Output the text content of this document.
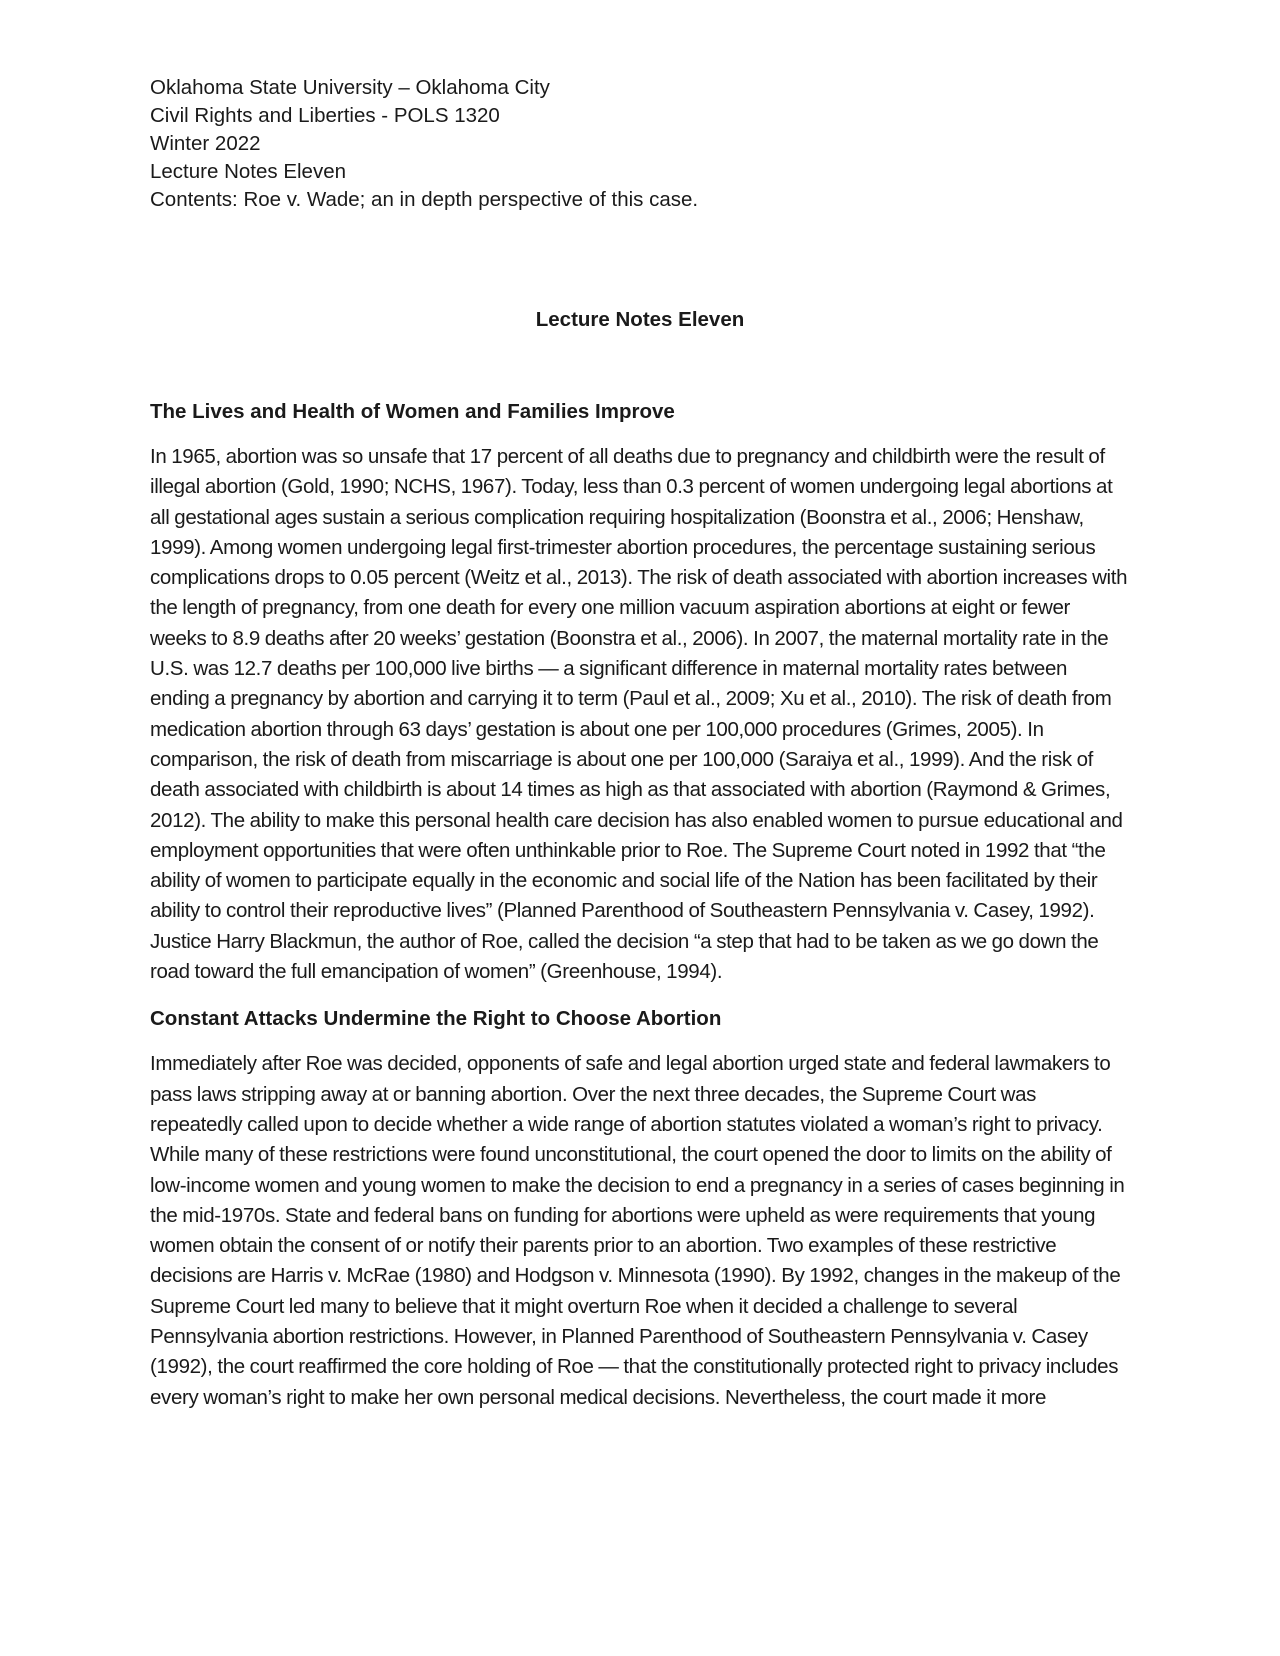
Oklahoma State University – Oklahoma City

Civil Rights and Liberties - POLS 1320

Winter 2022

Lecture Notes Eleven

Contents: Roe v. Wade; an in depth perspective of this case.

Lecture Notes Eleven
The Lives and Health of Women and Families Improve

In 1965, abortion was so unsafe that 17 percent of all deaths due to pregnancy and childbirth were the result of illegal abortion (Gold, 1990; NCHS, 1967). Today, less than 0.3 percent of women undergoing legal abortions at all gestational ages sustain a serious complication requiring hospitalization (Boonstra et al., 2006; Henshaw, 1999). Among women undergoing legal first-trimester abortion procedures, the percentage sustaining serious complications drops to 0.05 percent (Weitz et al., 2013). The risk of death associated with abortion increases with the length of pregnancy, from one death for every one million vacuum aspiration abortions at eight or fewer weeks to 8.9 deaths after 20 weeks’ gestation (Boonstra et al., 2006). In 2007, the maternal mortality rate in the U.S. was 12.7 deaths per 100,000 live births — a significant difference in maternal mortality rates between ending a pregnancy by abortion and carrying it to term (Paul et al., 2009; Xu et al., 2010). The risk of death from medication abortion through 63 days’ gestation is about one per 100,000 procedures (Grimes, 2005). In comparison, the risk of death from miscarriage is about one per 100,000 (Saraiya et al., 1999). And the risk of death associated with childbirth is about 14 times as high as that associated with abortion (Raymond & Grimes, 2012). The ability to make this personal health care decision has also enabled women to pursue educational and employment opportunities that were often unthinkable prior to Roe. The Supreme Court noted in 1992 that “the ability of women to participate equally in the economic and social life of the Nation has been facilitated by their ability to control their reproductive lives” (Planned Parenthood of Southeastern Pennsylvania v. Casey, 1992). Justice Harry Blackmun, the author of Roe, called the decision “a step that had to be taken as we go down the road toward the full emancipation of women” (Greenhouse, 1994).

Constant Attacks Undermine the Right to Choose Abortion

Immediately after Roe was decided, opponents of safe and legal abortion urged state and federal lawmakers to pass laws stripping away at or banning abortion. Over the next three decades, the Supreme Court was repeatedly called upon to decide whether a wide range of abortion statutes violated a woman’s right to privacy. While many of these restrictions were found unconstitutional, the court opened the door to limits on the ability of low-income women and young women to make the decision to end a pregnancy in a series of cases beginning in the mid-1970s. State and federal bans on funding for abortions were upheld as were requirements that young women obtain the consent of or notify their parents prior to an abortion. Two examples of these restrictive decisions are Harris v. McRae (1980) and Hodgson v. Minnesota (1990). By 1992, changes in the makeup of the Supreme Court led many to believe that it might overturn Roe when it decided a challenge to several Pennsylvania abortion restrictions. However, in Planned Parenthood of Southeastern Pennsylvania v. Casey (1992), the court reaffirmed the core holding of Roe — that the constitutionally protected right to privacy includes every woman’s right to make her own personal medical decisions. Nevertheless, the court made it more
